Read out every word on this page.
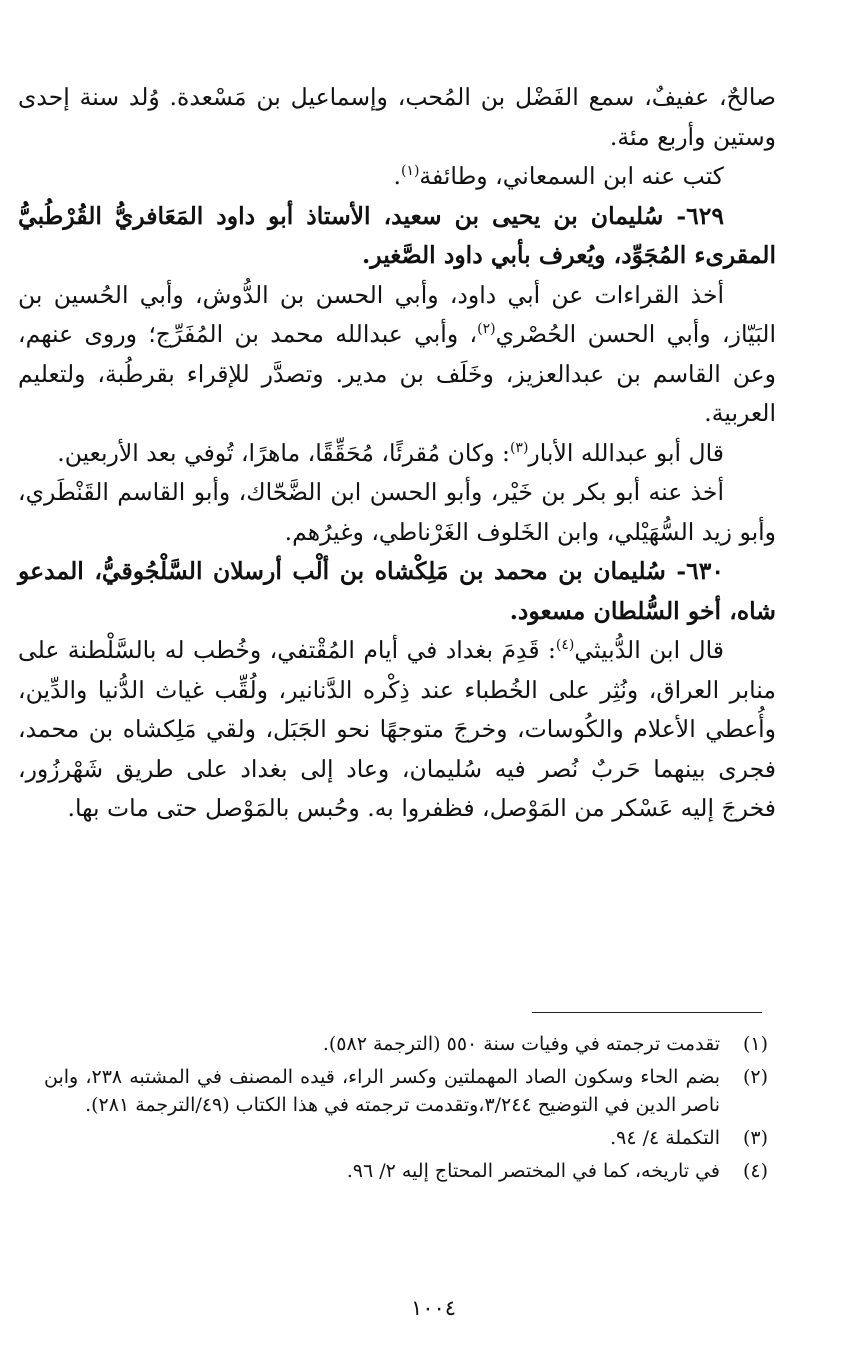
صالحٌ، عفيفٌ، سمع الفَضْل بن المُحب، وإسماعيل بن مَسْعدة. وُلد سنة إحدى وستين وأربع مئة.

كتب عنه ابن السمعاني، وطائفة$^{(١)}$.

٦٢٩- سُليمان بن يحيى بن سعيد، الأستاذ أبو داود المَعَافريُّ القُرْطُبيُّ المقرىء المُجَوِّد، ويُعرف بأبي داود الصَّغير.

أخذ القراءات عن أبي داود، وأبي الحسن بن الدُّوش، وأبي الحُسين بن البَيّاز، وأبي الحسن الحُصْري$^{(٢)}$، وأبي عبدالله محمد بن المُفَرِّج؛ وروى عنهم، وعن القاسم بن عبدالعزيز، وخَلَف بن مدير. وتصدَّر للإقراء بقرطُبة، ولتعليم العربية.

قال أبو عبدالله الأبار$^{(٣)}$: وكان مُقرئًا، مُحَقِّقًا، ماهرًا، تُوفي بعد الأربعين.

أخذ عنه أبو بكر بن خَيْر، وأبو الحسن ابن الضَّحّاك، وأبو القاسم القَنْطَري، وأبو زيد السُّهَيْلي، وابن الخَلوف الغَرْناطي، وغيرُهم.

٦٣٠- سُليمان بن محمد بن مَلِكْشاه بن ألْب أرسلان السَّلْجُوقيُّ، المدعو شاه، أخو السُّلطان مسعود.

قال ابن الدُّبيثي$^{(٤)}$: قَدِمَ بغداد في أيام المُقْتفي، وخُطب له بالسَّلْطنة على منابر العراق، ونُثِر على الخُطباء عند ذِكْره الدَّنانير، ولُقِّب غياث الدُّنيا والدِّين، وأُعطي الأعلام والكُوسات، وخرجَ متوجهًا نحو الجَبَل، ولقي مَلِكشاه بن محمد، فجرى بينهما حَربٌ نُصر فيه سُليمان، وعاد إلى بغداد على طريق شَهْرزُور، فخرجَ إليه عَسْكر من المَوْصل، فظفروا به. وحُبس بالمَوْصل حتى مات بها.

(١)
تقدمت ترجمته في وفيات سنة ٥٥٠ (الترجمة ٥٨٢).
(٢)
بضم الحاء وسكون الصاد المهملتين وكسر الراء، قيده المصنف في المشتبه ٢٣٨، وابن ناصر الدين في التوضيح ٣/٢٤٤،وتقدمت ترجمته في هذا الكتاب (٤٩/الترجمة ٢٨١).
(٣)
التكملة ٤/ ٩٤.
(٤)
في تاريخه، كما في المختصر المحتاج إليه ٢/ ٩٦.
١٠٠٤
